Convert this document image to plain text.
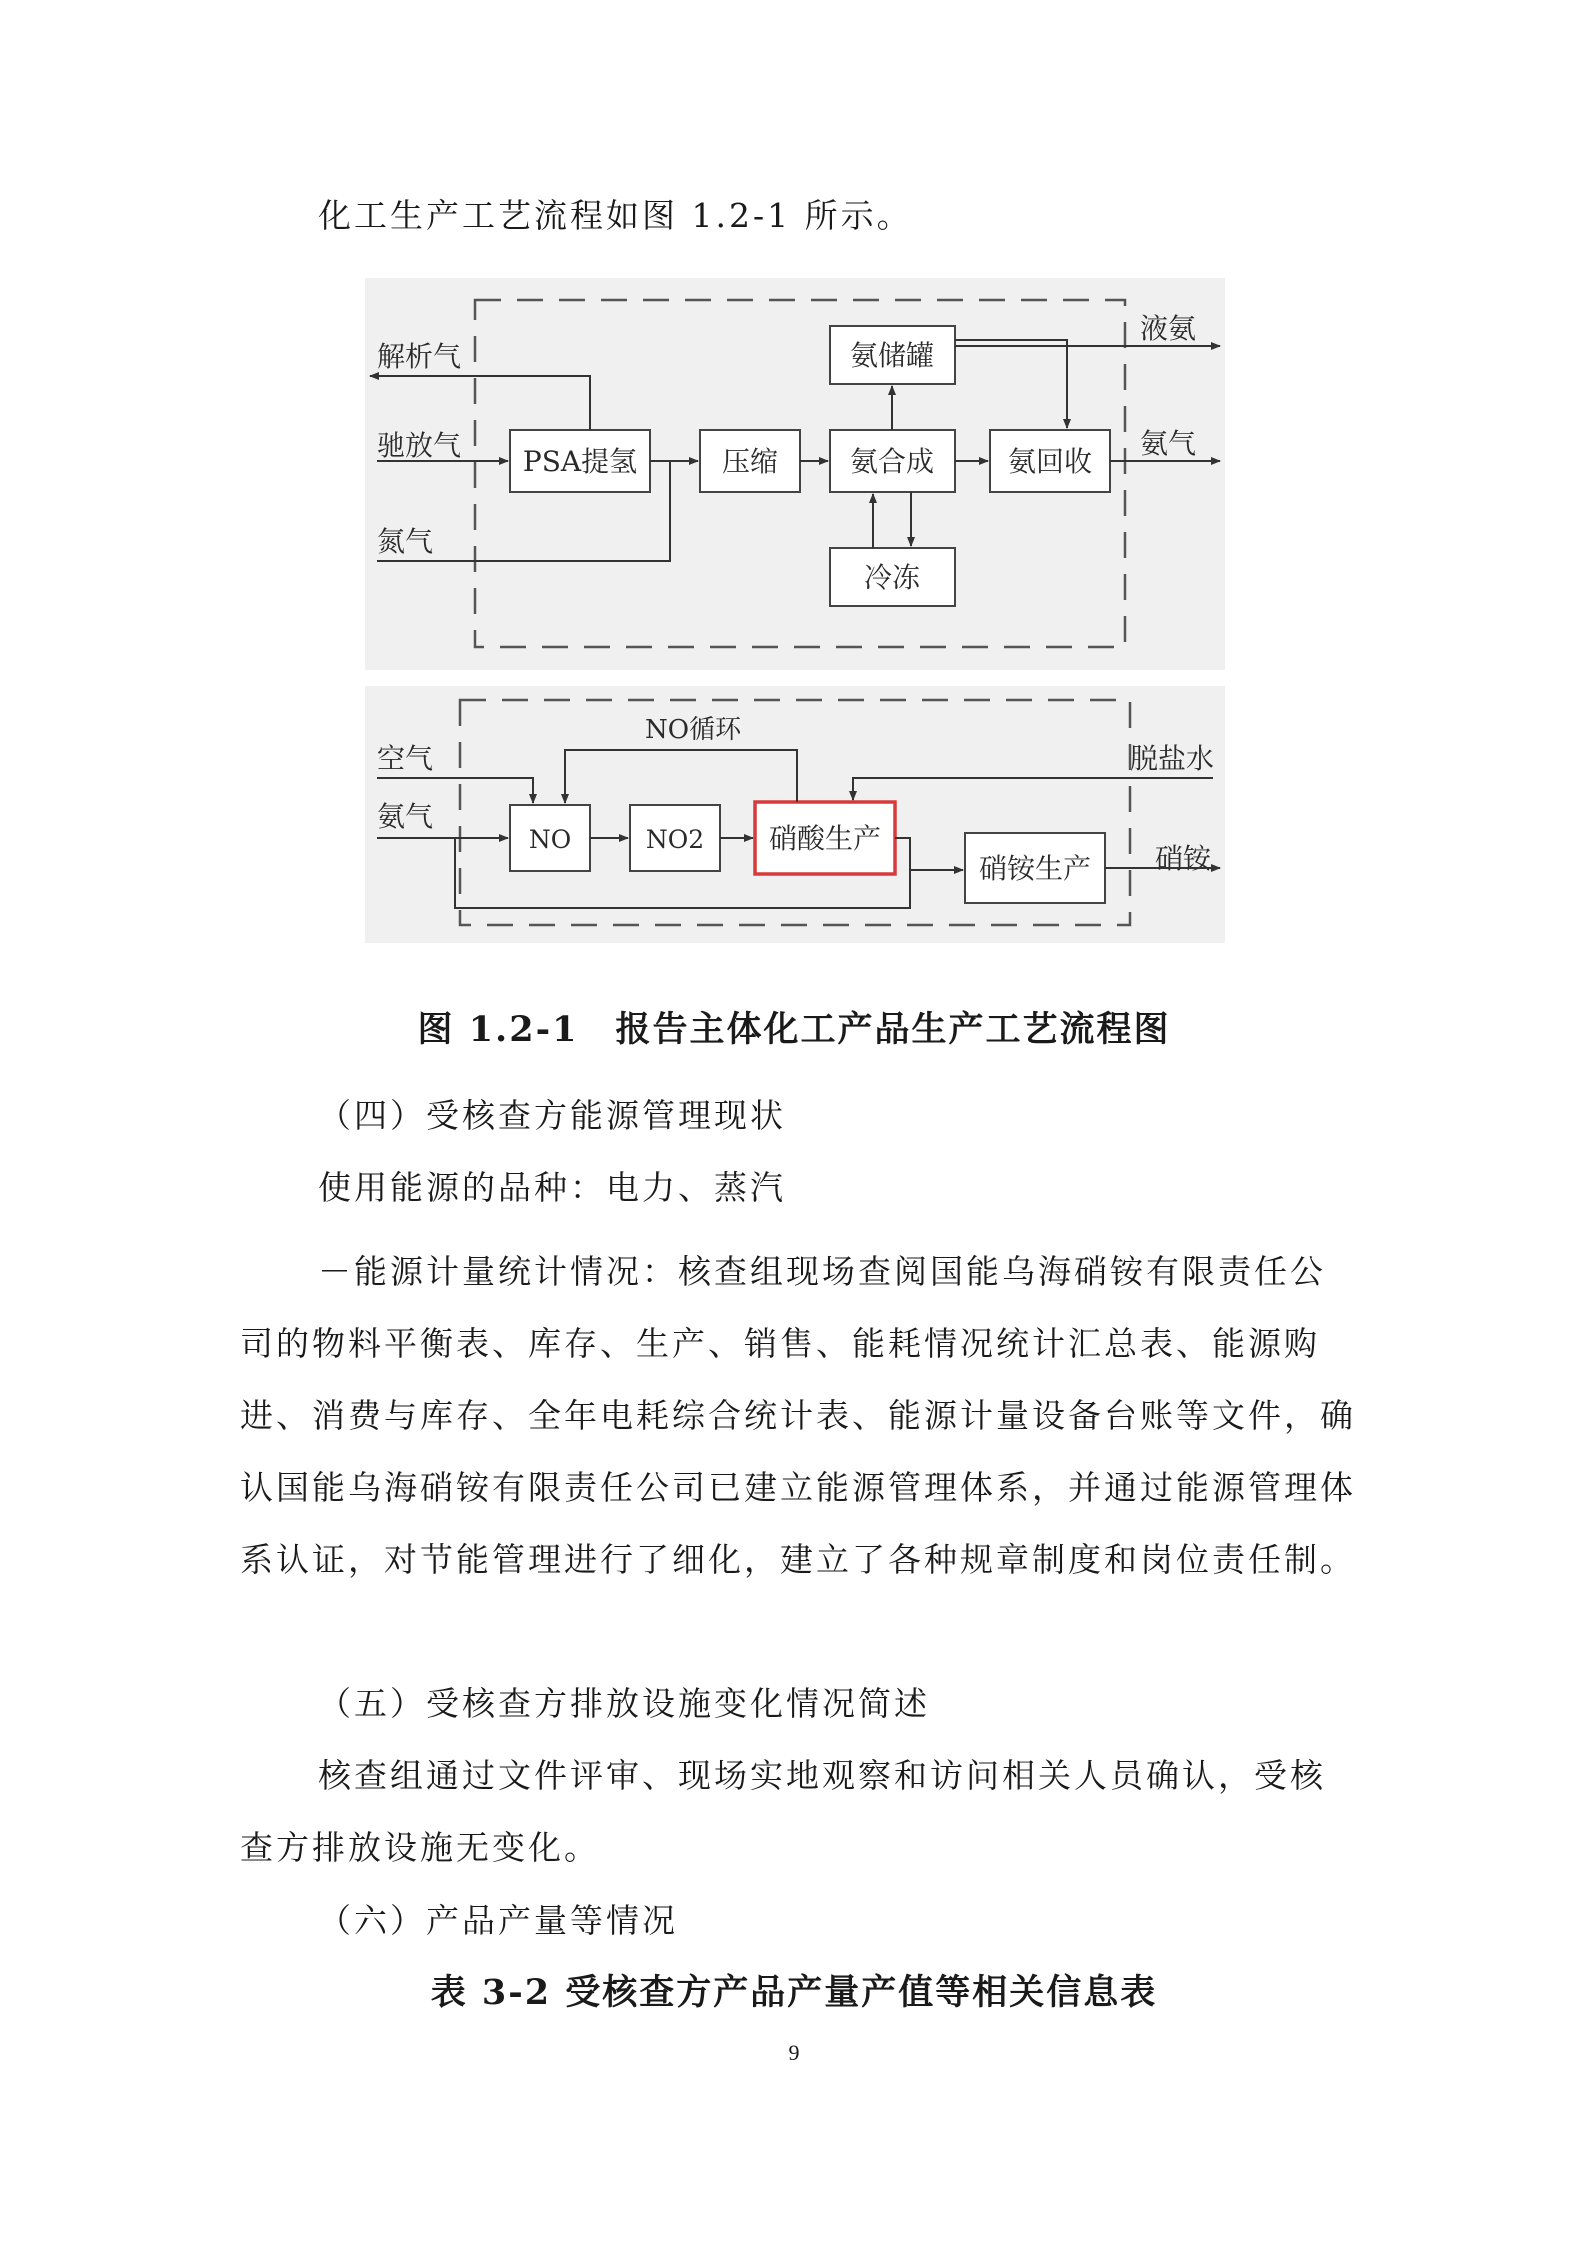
化工生产工艺流程如图 1.2-1 所示。

PSA提氢	压缩	氨合成
氨储罐
氨回收
冷冻
解析气
驰放气
氮气
液氨
氨气
NO	NO2 硝酸生产
硝铵生产
空气
氨气
NO循环
脱盐水
硝铵
图 1.2-1　报告主体化工产品生产工艺流程图

（四）受核查方能源管理现状

使用能源的品种：电力、蒸汽

－能源计量统计情况：核查组现场查阅国能乌海硝铵有限责任公司的物料平衡表、库存、生产、销售、能耗情况统计汇总表、能源购进、消费与库存、全年电耗综合统计表、能源计量设备台账等文件，确认国能乌海硝铵有限责任公司已建立能源管理体系，并通过能源管理体系认证，对节能管理进行了细化，建立了各种规章制度和岗位责任制。

（五）受核查方排放设施变化情况简述

核查组通过文件评审、现场实地观察和访问相关人员确认，受核查方排放设施无变化。

（六）产品产量等情况

表 3-2 受核查方产品产量产值等相关信息表
9
